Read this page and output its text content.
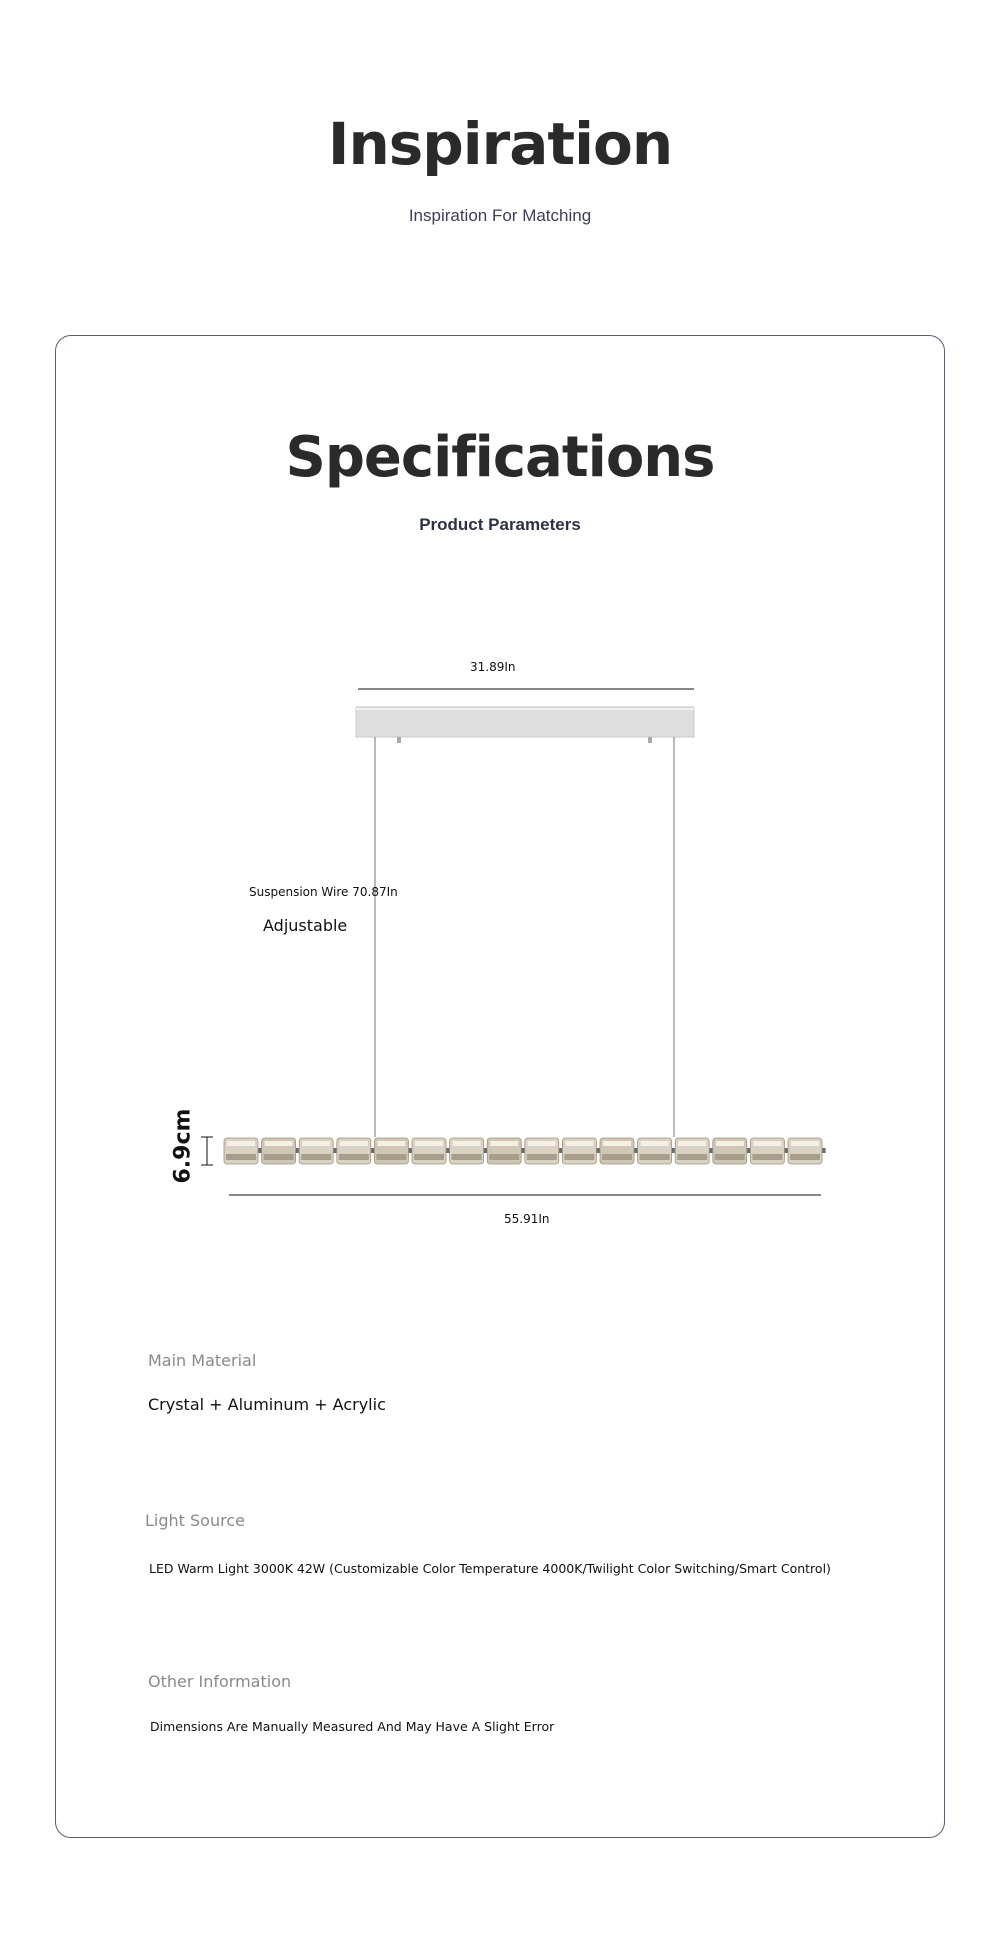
Inspiration
Inspiration For Matching
Specifications
Product Parameters
31.89In
Suspension Wire 70.87In
Adjustable
6.9cm
55.91In
Main Material
Crystal + Aluminum + Acrylic
Light Source
LED Warm Light 3000K 42W (Customizable Color Temperature 4000K/Twilight Color Switching/Smart Control)
Other Information
Dimensions Are Manually Measured And May Have A Slight Error
